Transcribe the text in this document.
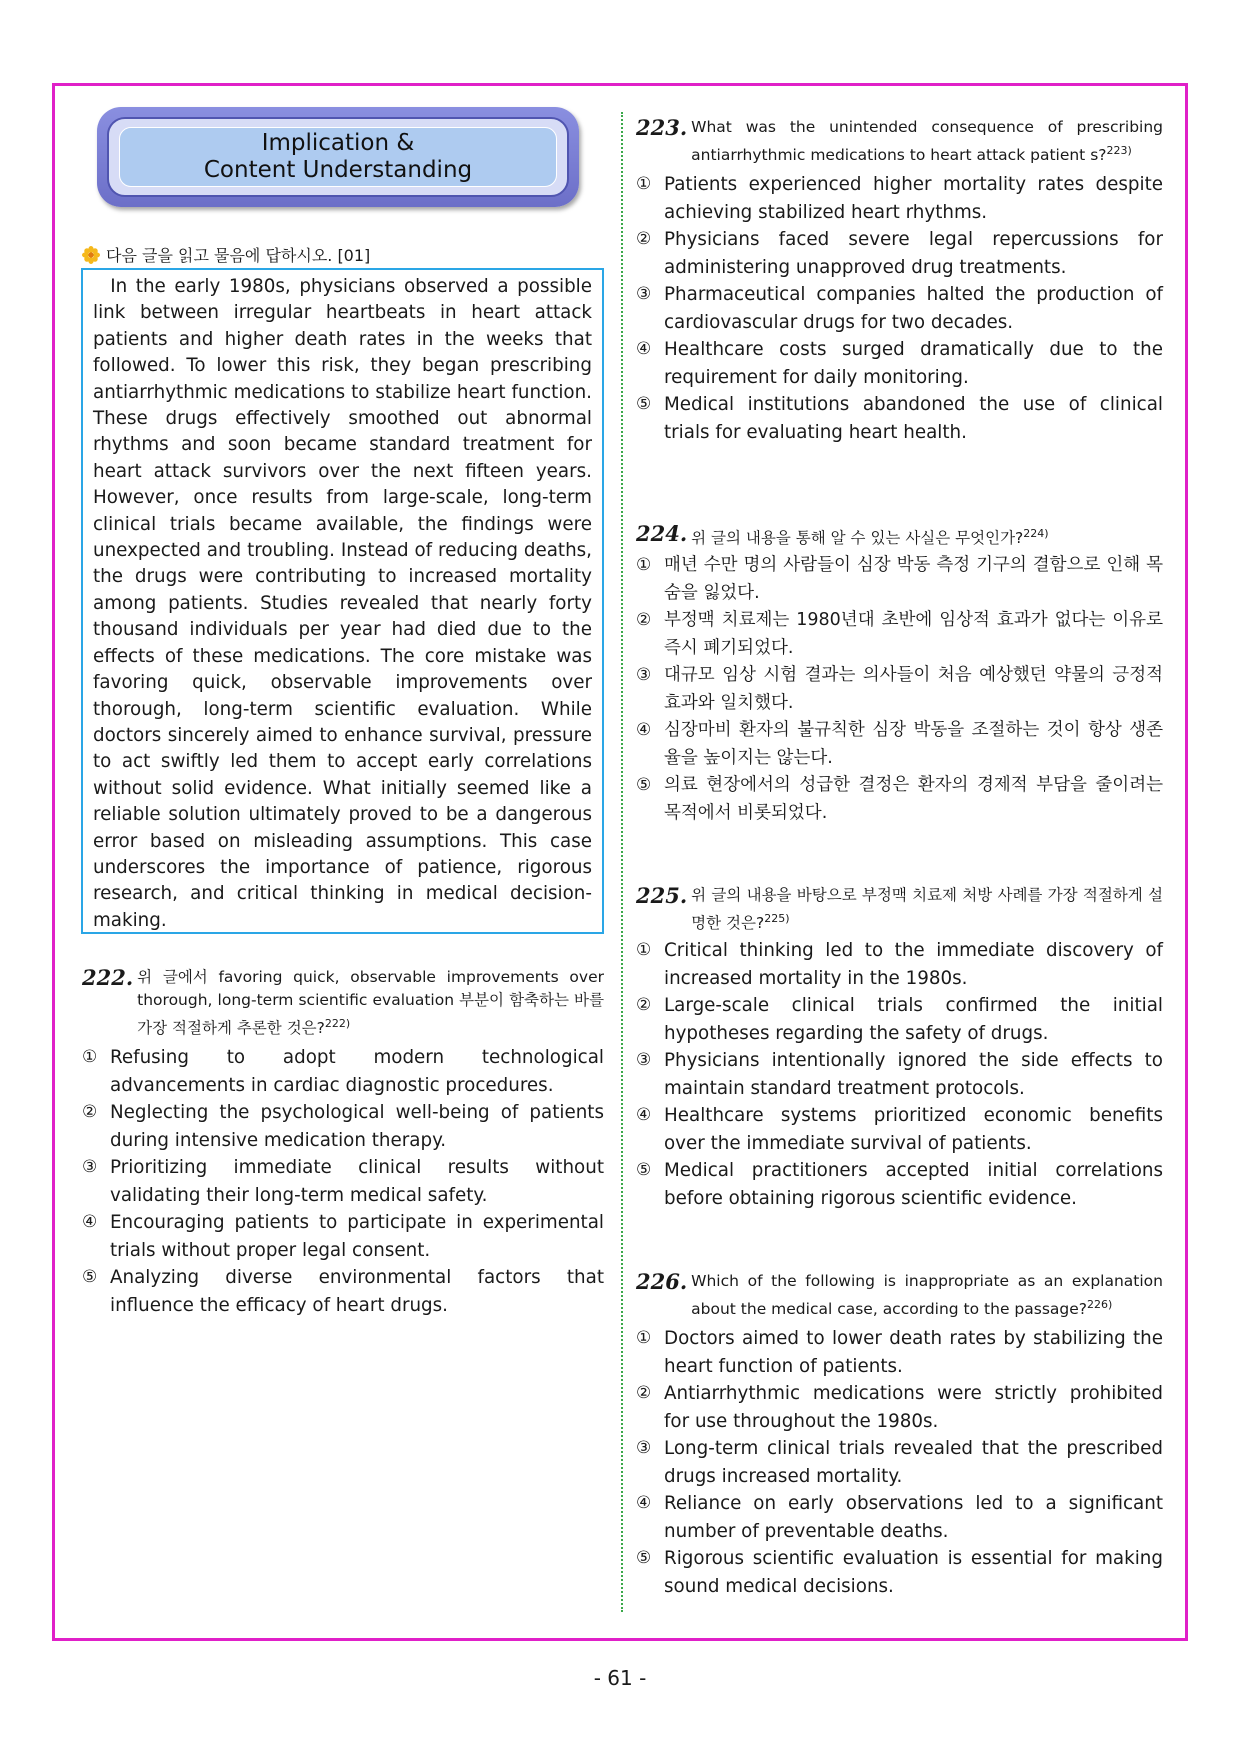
Implication &
Content Understanding
다음 글을 읽고 물음에 답하시오. [01]
In the early 1980s, physicians observed a possible link between irregular heartbeats in heart attack patients and higher death rates in the weeks that followed. To lower this risk, they began prescribing antiarrhythmic medications to stabilize heart function. These drugs effectively smoothed out abnormal rhythms and soon became standard treatment for heart attack survivors over the next fifteen years. However, once results from large-scale, long-term clinical trials became available, the findings were unexpected and troubling. Instead of reducing deaths, the drugs were contributing to increased mortality among patients. Studies revealed that nearly forty thousand individuals per year had died due to the effects of these medications. The core mistake was favoring quick, observable improvements over thorough, long-term scientific evaluation. While doctors sincerely aimed to enhance survival, pressure to act swiftly led them to accept early correlations without solid evidence. What initially seemed like a reliable solution ultimately proved to be a dangerous error based on misleading assumptions. This case underscores the importance of patience, rigorous research, and critical thinking in medical decision-making.
222. 위 글에서 favoring quick, observable improvements over thorough, long-term scientific evaluation 부분이 함축하는 바를 가장 적절하게 추론한 것은?$^{222)}$
① Refusing to adopt modern technological advancements in cardiac diagnostic procedures.
② Neglecting the psychological well-being of patients during intensive medication therapy.
③ Prioritizing immediate clinical results without validating their long-term medical safety.
④ Encouraging patients to participate in experimental trials without proper legal consent.
⑤ Analyzing diverse environmental factors that influence the efficacy of heart drugs.
223. What was the unintended consequence of prescribing antiarrhythmic medications to heart attack patient s?$^{223)}$
① Patients experienced higher mortality rates despite achieving stabilized heart rhythms.
② Physicians faced severe legal repercussions for administering unapproved drug treatments.
③ Pharmaceutical companies halted the production of cardiovascular drugs for two decades.
④ Healthcare costs surged dramatically due to the requirement for daily monitoring.
⑤ Medical institutions abandoned the use of clinical trials for evaluating heart health.
224. 위 글의 내용을 통해 알 수 있는 사실은 무엇인가?$^{224)}$
① 매년 수만 명의 사람들이 심장 박동 측정 기구의 결함으로 인해 목숨을 잃었다.
② 부정맥 치료제는 1980년대 초반에 임상적 효과가 없다는 이유로 즉시 폐기되었다.
③ 대규모 임상 시험 결과는 의사들이 처음 예상했던 약물의 긍정적 효과와 일치했다.
④ 심장마비 환자의 불규칙한 심장 박동을 조절하는 것이 항상 생존율을 높이지는 않는다.
⑤ 의료 현장에서의 성급한 결정은 환자의 경제적 부담을 줄이려는 목적에서 비롯되었다.
225. 위 글의 내용을 바탕으로 부정맥 치료제 처방 사례를 가장 적절하게 설명한 것은?$^{225)}$
① Critical thinking led to the immediate discovery of increased mortality in the 1980s.
② Large-scale clinical trials confirmed the initial hypotheses regarding the safety of drugs.
③ Physicians intentionally ignored the side effects to maintain standard treatment protocols.
④ Healthcare systems prioritized economic benefits over the immediate survival of patients.
⑤ Medical practitioners accepted initial correlations before obtaining rigorous scientific evidence.
226. Which of the following is inappropriate as an explanation about the medical case, according to the passage?$^{226)}$
① Doctors aimed to lower death rates by stabilizing the heart function of patients.
② Antiarrhythmic medications were strictly prohibited for use throughout the 1980s.
③ Long-term clinical trials revealed that the prescribed drugs increased mortality.
④ Reliance on early observations led to a significant number of preventable deaths.
⑤ Rigorous scientific evaluation is essential for making sound medical decisions.
- 61 -
